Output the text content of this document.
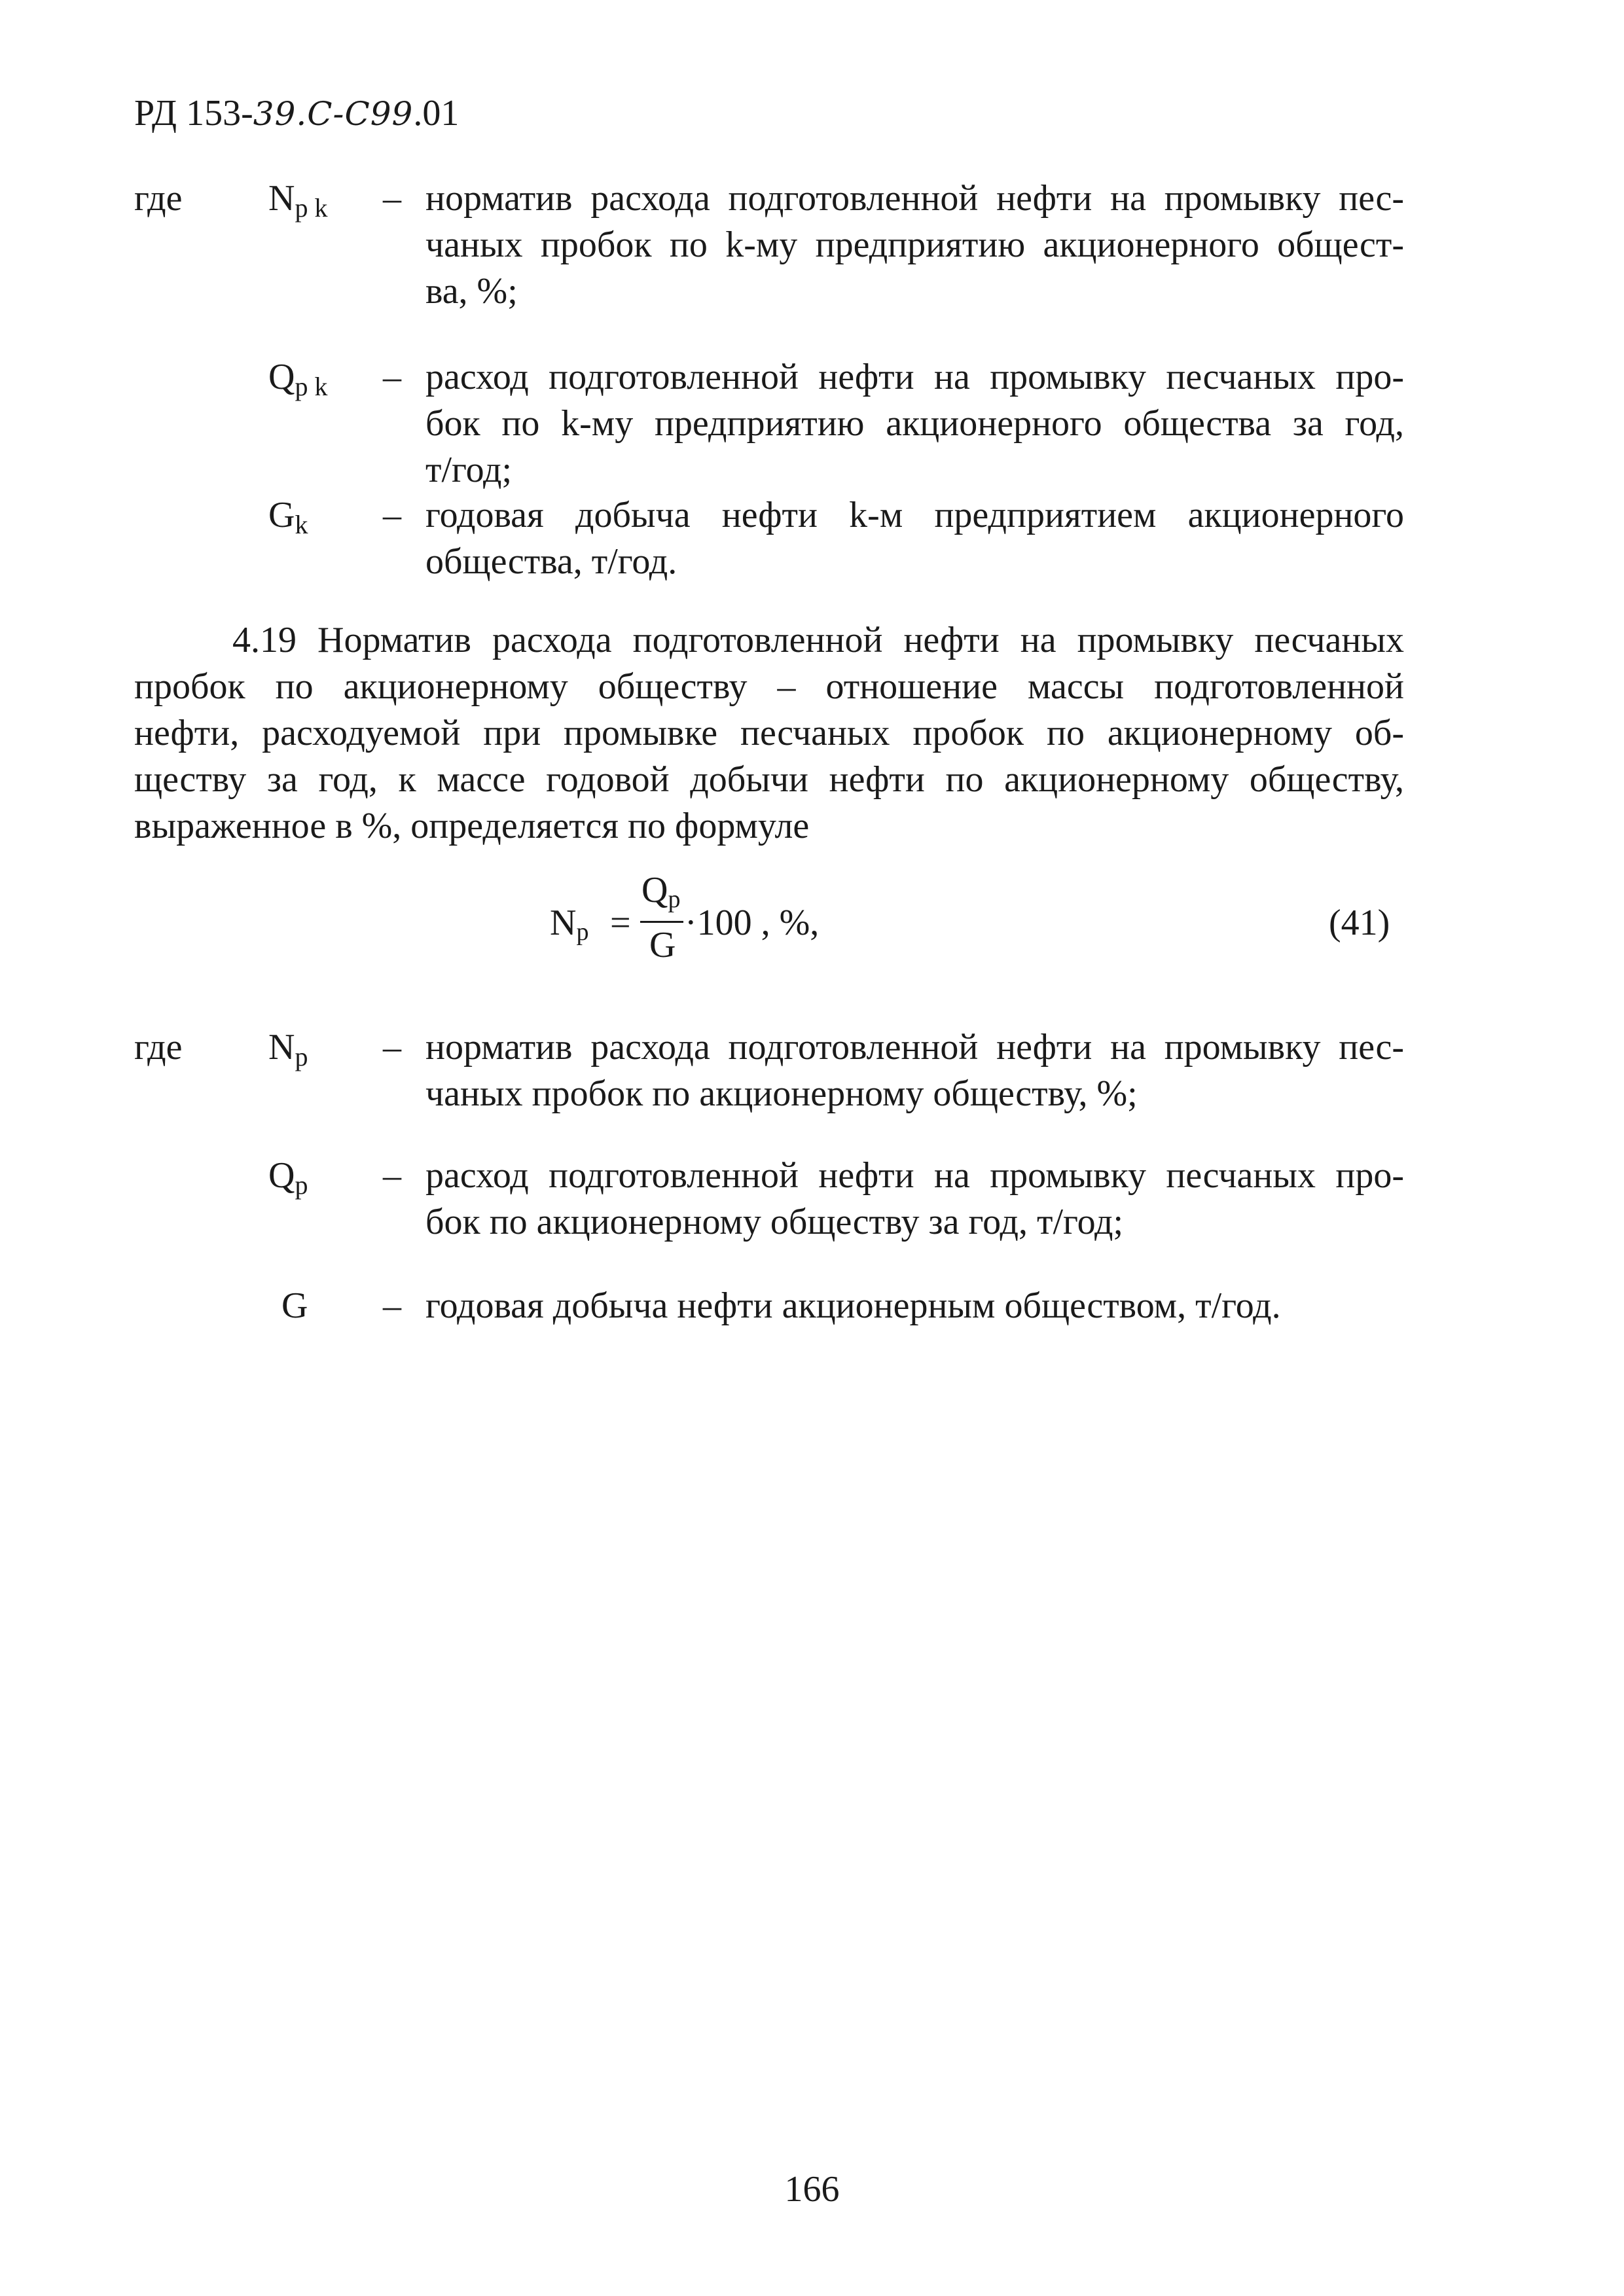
РД 153-39.С-С99.01
где $N_{p k}$ – норматив расхода подготовленной нефти на промывку пес-
чаных пробок по k-му предприятию акционерного общест-
ва, %;
$Q_{p k}$ – расход подготовленной нефти на промывку песчаных про-
бок по k-му предприятию акционерного общества за год,
т/год;
$G_k$ – годовая добыча нефти k-м предприятием акционерного
общества, т/год.
4.19 Норматив расхода подготовленной нефти на промывку песчаных
пробок по акционерному обществу – отношение массы подготовленной
нефти, расходуемой при промывке песчаных пробок по акционерному об-
ществу за год, к массе годовой добычи нефти по акционерному обществу,
выраженное в %, определяется по формуле
$N_p$ =
$Q_p$
G
·100 , %,	(41)
где $N_p$ – норматив расхода подготовленной нефти на промывку пес-
чаных пробок по акционерному обществу, %;
$Q_p$ – расход подготовленной нефти на промывку песчаных про-
бок по акционерному обществу за год, т/год;
G – годовая добыча нефти акционерным обществом, т/год.
166
